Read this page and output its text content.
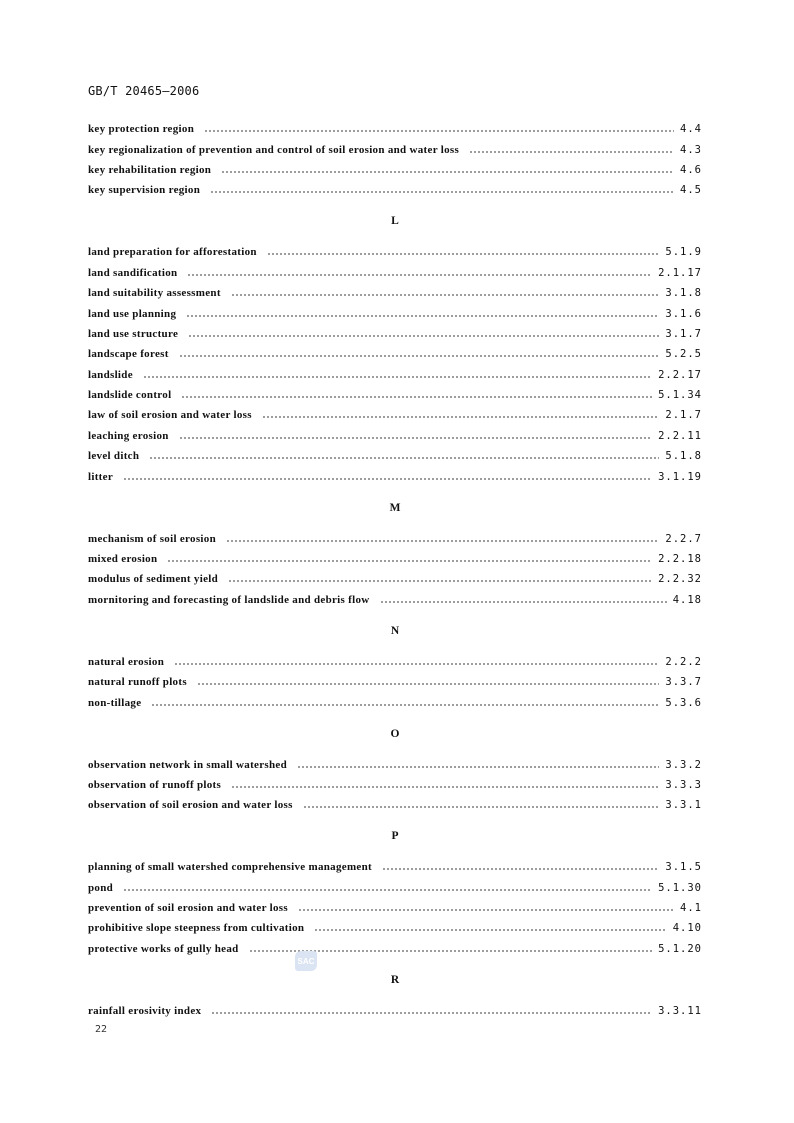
GB/T 20465—2006
key protection region	4.4
key regionalization of prevention and control of soil erosion and water loss	4.3
key rehabilitation region	4.6
key supervision region	4.5
L
land preparation for afforestation	5.1.9
land sandification	2.1.17
land suitability assessment	3.1.8
land use planning	3.1.6
land use structure	3.1.7
landscape forest	5.2.5
landslide	2.2.17
landslide control	5.1.34
law of soil erosion and water loss	2.1.7
leaching erosion	2.2.11
level ditch	5.1.8
litter	3.1.19
M
mechanism of soil erosion	2.2.7
mixed erosion	2.2.18
modulus of sediment yield	2.2.32
mornitoring and forecasting of landslide and debris flow	4.18
N
natural erosion	2.2.2
natural runoff plots	3.3.7
non-tillage	5.3.6
O
observation network in small watershed	3.3.2
observation of runoff plots	3.3.3
observation of soil erosion and water loss	3.3.1
P
planning of small watershed comprehensive management	3.1.5
pond	5.1.30
prevention of soil erosion and water loss	4.1
prohibitive slope steepness from cultivation	4.10
protective works of gully head	5.1.20
R
rainfall erosivity index	3.3.11
SAC
22
